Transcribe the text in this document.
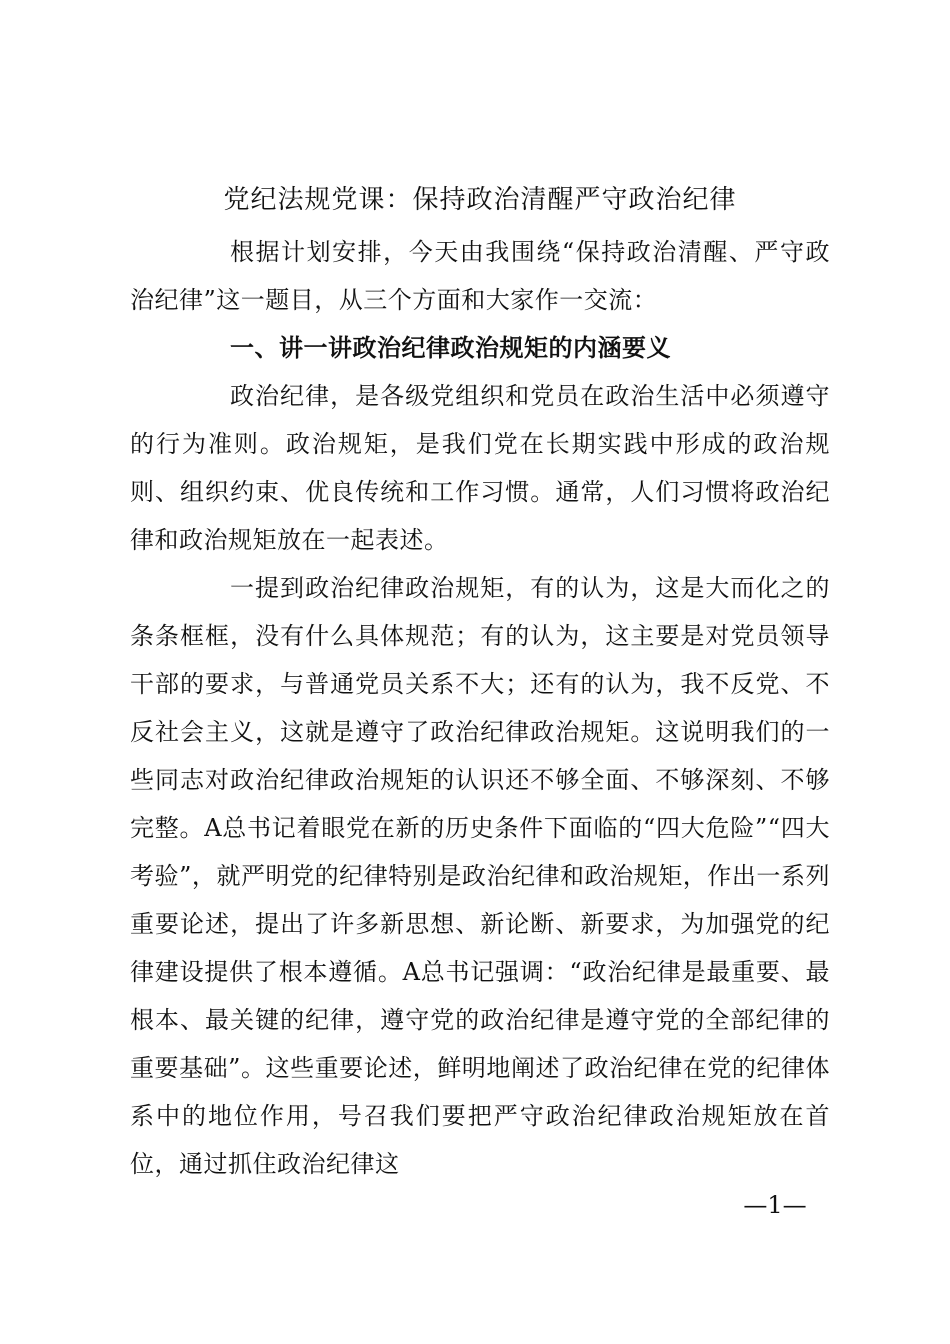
党纪法规党课：保持政治清醒严守政治纪律

根据计划安排，今天由我围绕“保持政治清醒、严守政治纪律”这一题目，从三个方面和大家作一交流：

一、讲一讲政治纪律政治规矩的内涵要义

政治纪律，是各级党组织和党员在政治生活中必须遵守的行为准则。政治规矩，是我们党在长期实践中形成的政治规则、组织约束、优良传统和工作习惯。通常，人们习惯将政治纪律和政治规矩放在一起表述。

一提到政治纪律政治规矩，有的认为，这是大而化之的条条框框，没有什么具体规范；有的认为，这主要是对党员领导干部的要求，与普通党员关系不大；还有的认为，我不反党、不反社会主义，这就是遵守了政治纪律政治规矩。这说明我们的一些同志对政治纪律政治规矩的认识还不够全面、不够深刻、不够完整。A总书记着眼党在新的历史条件下面临的“四大危险”“四大考验”，就严明党的纪律特别是政治纪律和政治规矩，作出一系列重要论述，提出了许多新思想、新论断、新要求，为加强党的纪律建设提供了根本遵循。A总书记强调：“政治纪律是最重要、最根本、最关键的纪律，遵守党的政治纪律是遵守党的全部纪律的重要基础”。这些重要论述，鲜明地阐述了政治纪律在党的纪律体系中的地位作用，号召我们要把严守政治纪律政治规矩放在首位，通过抓住政治纪律这

—1—
